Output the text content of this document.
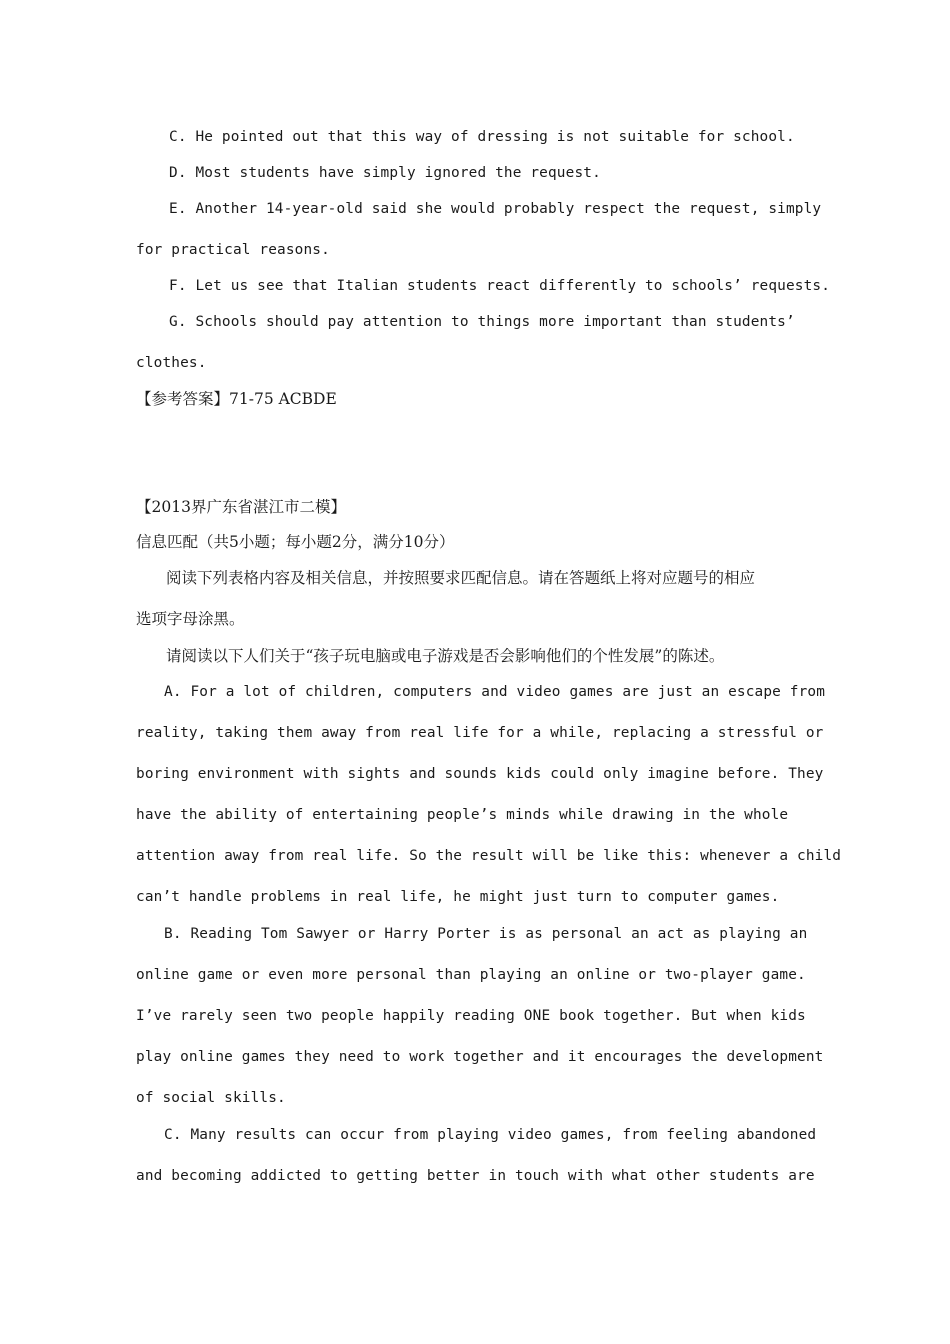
C. He pointed out that this way of dressing is not suitable for school.
D. Most students have simply ignored the request.
E. Another 14-year-old said she would probably respect the request, simply
for practical reasons.
F. Let us see that Italian students react differently to schools’ requests.
G. Schools should pay attention to things more important than students’
clothes.
【参考答案】71-75 ACBDE
【2013界广东省湛江市二模】
信息匹配（共5小题；每小题2分，满分10分）
阅读下列表格内容及相关信息，并按照要求匹配信息。请在答题纸上将对应题号的相应
选项字母涂黑。
请阅读以下人们关于“孩子玩电脑或电子游戏是否会影响他们的个性发展”的陈述。
A. For a lot of children, computers and video games are just an escape from
reality, taking them away from real life for a while, replacing a stressful or
boring environment with sights and sounds kids could only imagine before. They
have the ability of entertaining people’s minds while drawing in the whole
attention away from real life. So the result will be like this: whenever a child
can’t handle problems in real life, he might just turn to computer games.
B. Reading Tom Sawyer or Harry Porter is as personal an act as playing an
online game or even more personal than playing an online or two-player game.
I’ve rarely seen two people happily reading ONE book together. But when kids
play online games they need to work together and it encourages the development
of social skills.
C. Many results can occur from playing video games, from feeling abandoned
and becoming addicted to getting better in touch with what other students are
